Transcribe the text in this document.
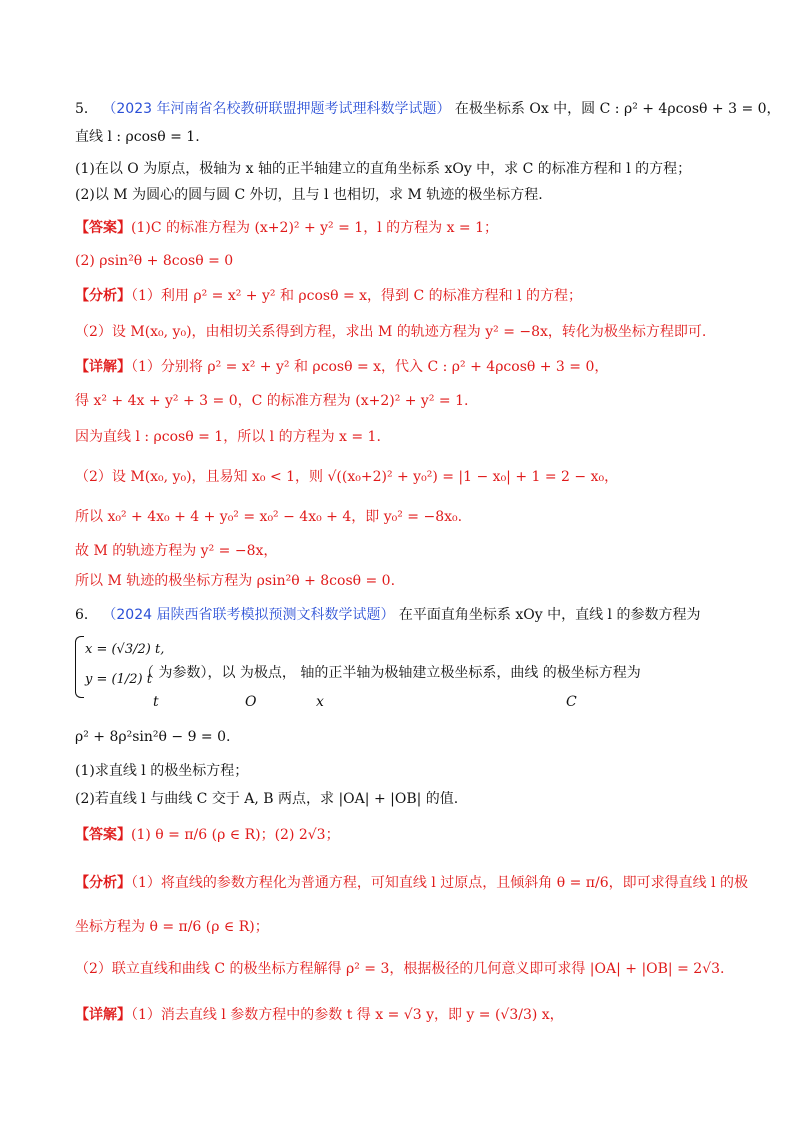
5． （2023 年河南省名校教研联盟押题考试理科数学试题） 在极坐标系 Ox 中，圆 C : ρ² + 4ρcosθ + 3 = 0，
直线 l : ρcosθ = 1.
(1)在以 O 为原点，极轴为 x 轴的正半轴建立的直角坐标系 xOy 中，求 C 的标准方程和 l 的方程；
(2)以 M 为圆心的圆与圆 C 外切，且与 l 也相切，求 M 轨迹的极坐标方程.
【答案】(1)C 的标准方程为 (x+2)² + y² = 1，l 的方程为 x = 1；
(2) ρsin²θ + 8cosθ = 0
【分析】（1）利用 ρ² = x² + y² 和 ρcosθ = x，得到 C 的标准方程和 l 的方程；
（2）设 M(x₀, y₀)，由相切关系得到方程，求出 M 的轨迹方程为 y² = −8x，转化为极坐标方程即可.
【详解】（1）分别将 ρ² = x² + y² 和 ρcosθ = x，代入 C : ρ² + 4ρcosθ + 3 = 0，
得 x² + 4x + y² + 3 = 0，C 的标准方程为 (x+2)² + y² = 1.
因为直线 l : ρcosθ = 1，所以 l 的方程为 x = 1.
（2）设 M(x₀, y₀)，且易知 x₀ < 1，则 √((x₀+2)² + y₀²) = |1 − x₀| + 1 = 2 − x₀，
所以 x₀² + 4x₀ + 4 + y₀² = x₀² − 4x₀ + 4，即 y₀² = −8x₀.
故 M 的轨迹方程为 y² = −8x，
所以 M 轨迹的极坐标方程为 ρsin²θ + 8cosθ = 0.
6． （2024 届陕西省联考模拟预测文科数学试题） 在平面直角坐标系 xOy 中，直线 l 的参数方程为
x = (√3/2) t,
y = (1/2) t
（ 为参数），以 为极点， 轴的正半轴为极轴建立极坐标系，曲线 的极坐标方程为
t	O	x	C
ρ² + 8ρ²sin²θ − 9 = 0.
(1)求直线 l 的极坐标方程；
(2)若直线 l 与曲线 C 交于 A, B 两点，求 |OA| + |OB| 的值.
【答案】(1) θ = π/6 (ρ ∈ R)；(2) 2√3；
【分析】（1）将直线的参数方程化为普通方程，可知直线 l 过原点，且倾斜角 θ = π/6，即可求得直线 l 的极
坐标方程为 θ = π/6 (ρ ∈ R)；
（2）联立直线和曲线 C 的极坐标方程解得 ρ² = 3，根据极径的几何意义即可求得 |OA| + |OB| = 2√3.
【详解】（1）消去直线 l 参数方程中的参数 t 得 x = √3 y，即 y = (√3/3) x，
